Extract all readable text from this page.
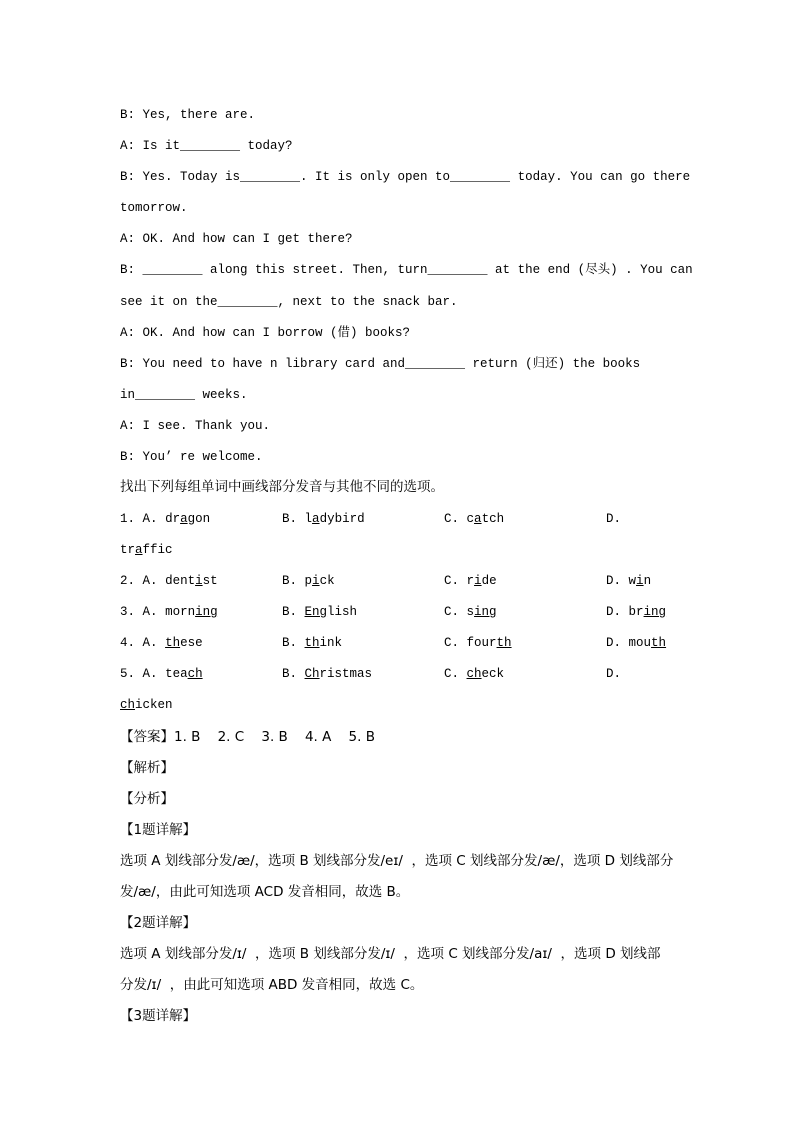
B: Yes, there are.
A: Is it________ today?
B: Yes. Today is________. It is only open to________ today. You can go there
tomorrow.
A: OK. And how can I get there?
B: ________ along this street. Then, turn________ at the end (尽头) . You can
see it on the________, next to the snack bar.
A: OK. And how can I borrow (借) books?
B: You need to have n library card and________ return (归还) the books
in________ weeks.
A: I see. Thank you.
B: You’ re welcome.
找出下列每组单词中画线部分发音与其他不同的选项。
1. A. dragon	B. ladybird	C. catch	D.
traffic
2. A. dentist	B. pick	C. ride	D. win
3. A. morning	B. English	C. sing	D. bring
4. A. these	B. think	C. fourth	D. mouth
5. A. teach	B. Christmas	C. check	D.
chicken
【答案】1. B    2. C    3. B    4. A    5. B
【解析】
【分析】
【1题详解】
选项 A 划线部分发/æ/，选项 B 划线部分发/eɪ/  ，选项 C 划线部分发/æ/，选项 D 划线部分
发/æ/，由此可知选项 ACD 发音相同，故选 B。
【2题详解】
选项 A 划线部分发/ɪ/  ，选项 B 划线部分发/ɪ/  ，选项 C 划线部分发/aɪ/  ，选项 D 划线部
分发/ɪ/  ，由此可知选项 ABD 发音相同，故选 C。
【3题详解】
